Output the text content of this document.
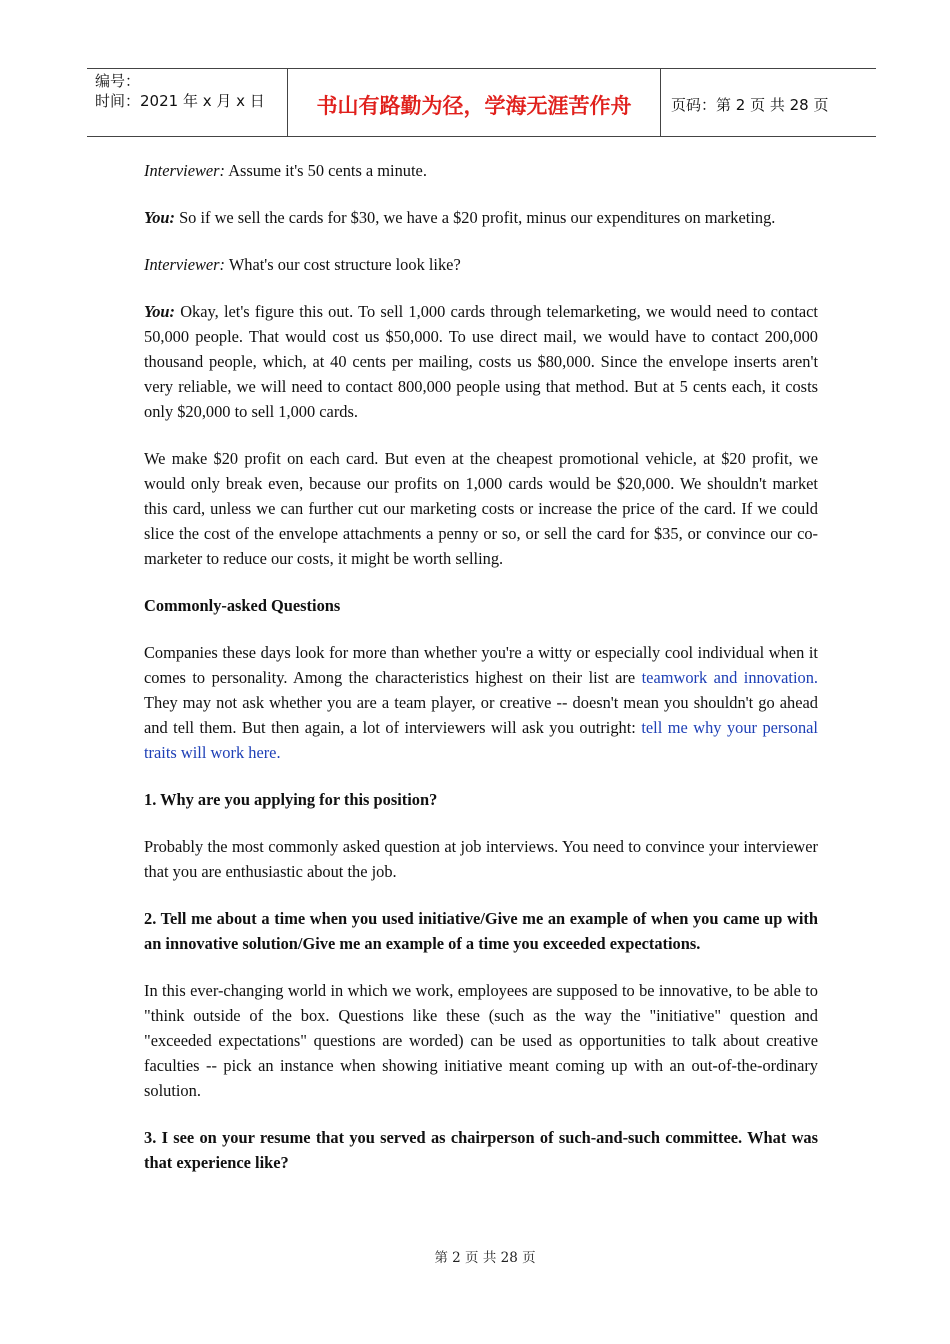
编号：
时间：2021 年 x 月 x 日	书山有路勤为径，学海无涯苦作舟	页码：第 2 页 共 28 页

Interviewer: Assume it's 50 cents a minute.

You: So if we sell the cards for $30, we have a $20 profit, minus our expenditures on marketing.

Interviewer: What's our cost structure look like?

You: Okay, let's figure this out. To sell 1,000 cards through telemarketing, we would need to contact 50,000 people. That would cost us $50,000. To use direct mail, we would have to contact 200,000 thousand people, which, at 40 cents per mailing, costs us $80,000. Since the envelope inserts aren't very reliable, we will need to contact 800,000 people using that method. But at 5 cents each, it costs only $20,000 to sell 1,000 cards.

We make $20 profit on each card. But even at the cheapest promotional vehicle, at $20 profit, we would only break even, because our profits on 1,000 cards would be $20,000. We shouldn't market this card, unless we can further cut our marketing costs or increase the price of the card. If we could slice the cost of the envelope attachments a penny or so, or sell the card for $35, or convince our co-marketer to reduce our costs, it might be worth selling.

Commonly-asked Questions

Companies these days look for more than whether you're a witty or especially cool individual when it comes to personality. Among the characteristics highest on their list are teamwork and innovation. They may not ask whether you are a team player, or creative -- doesn't mean you shouldn't go ahead and tell them. But then again, a lot of interviewers will ask you outright: tell me why your personal traits will work here.

1. Why are you applying for this position?

Probably the most commonly asked question at job interviews. You need to convince your interviewer that you are enthusiastic about the job.

2. Tell me about a time when you used initiative/Give me an example of when you came up with an innovative solution/Give me an example of a time you exceeded expectations.

In this ever-changing world in which we work, employees are supposed to be innovative, to be able to "think outside of the box. Questions like these (such as the way the "initiative" question and "exceeded expectations" questions are worded) can be used as opportunities to talk about creative faculties -- pick an instance when showing initiative meant coming up with an out-of-the-ordinary solution.

3. I see on your resume that you served as chairperson of such-and-such committee. What was that experience like?

第 2 页 共 28 页
